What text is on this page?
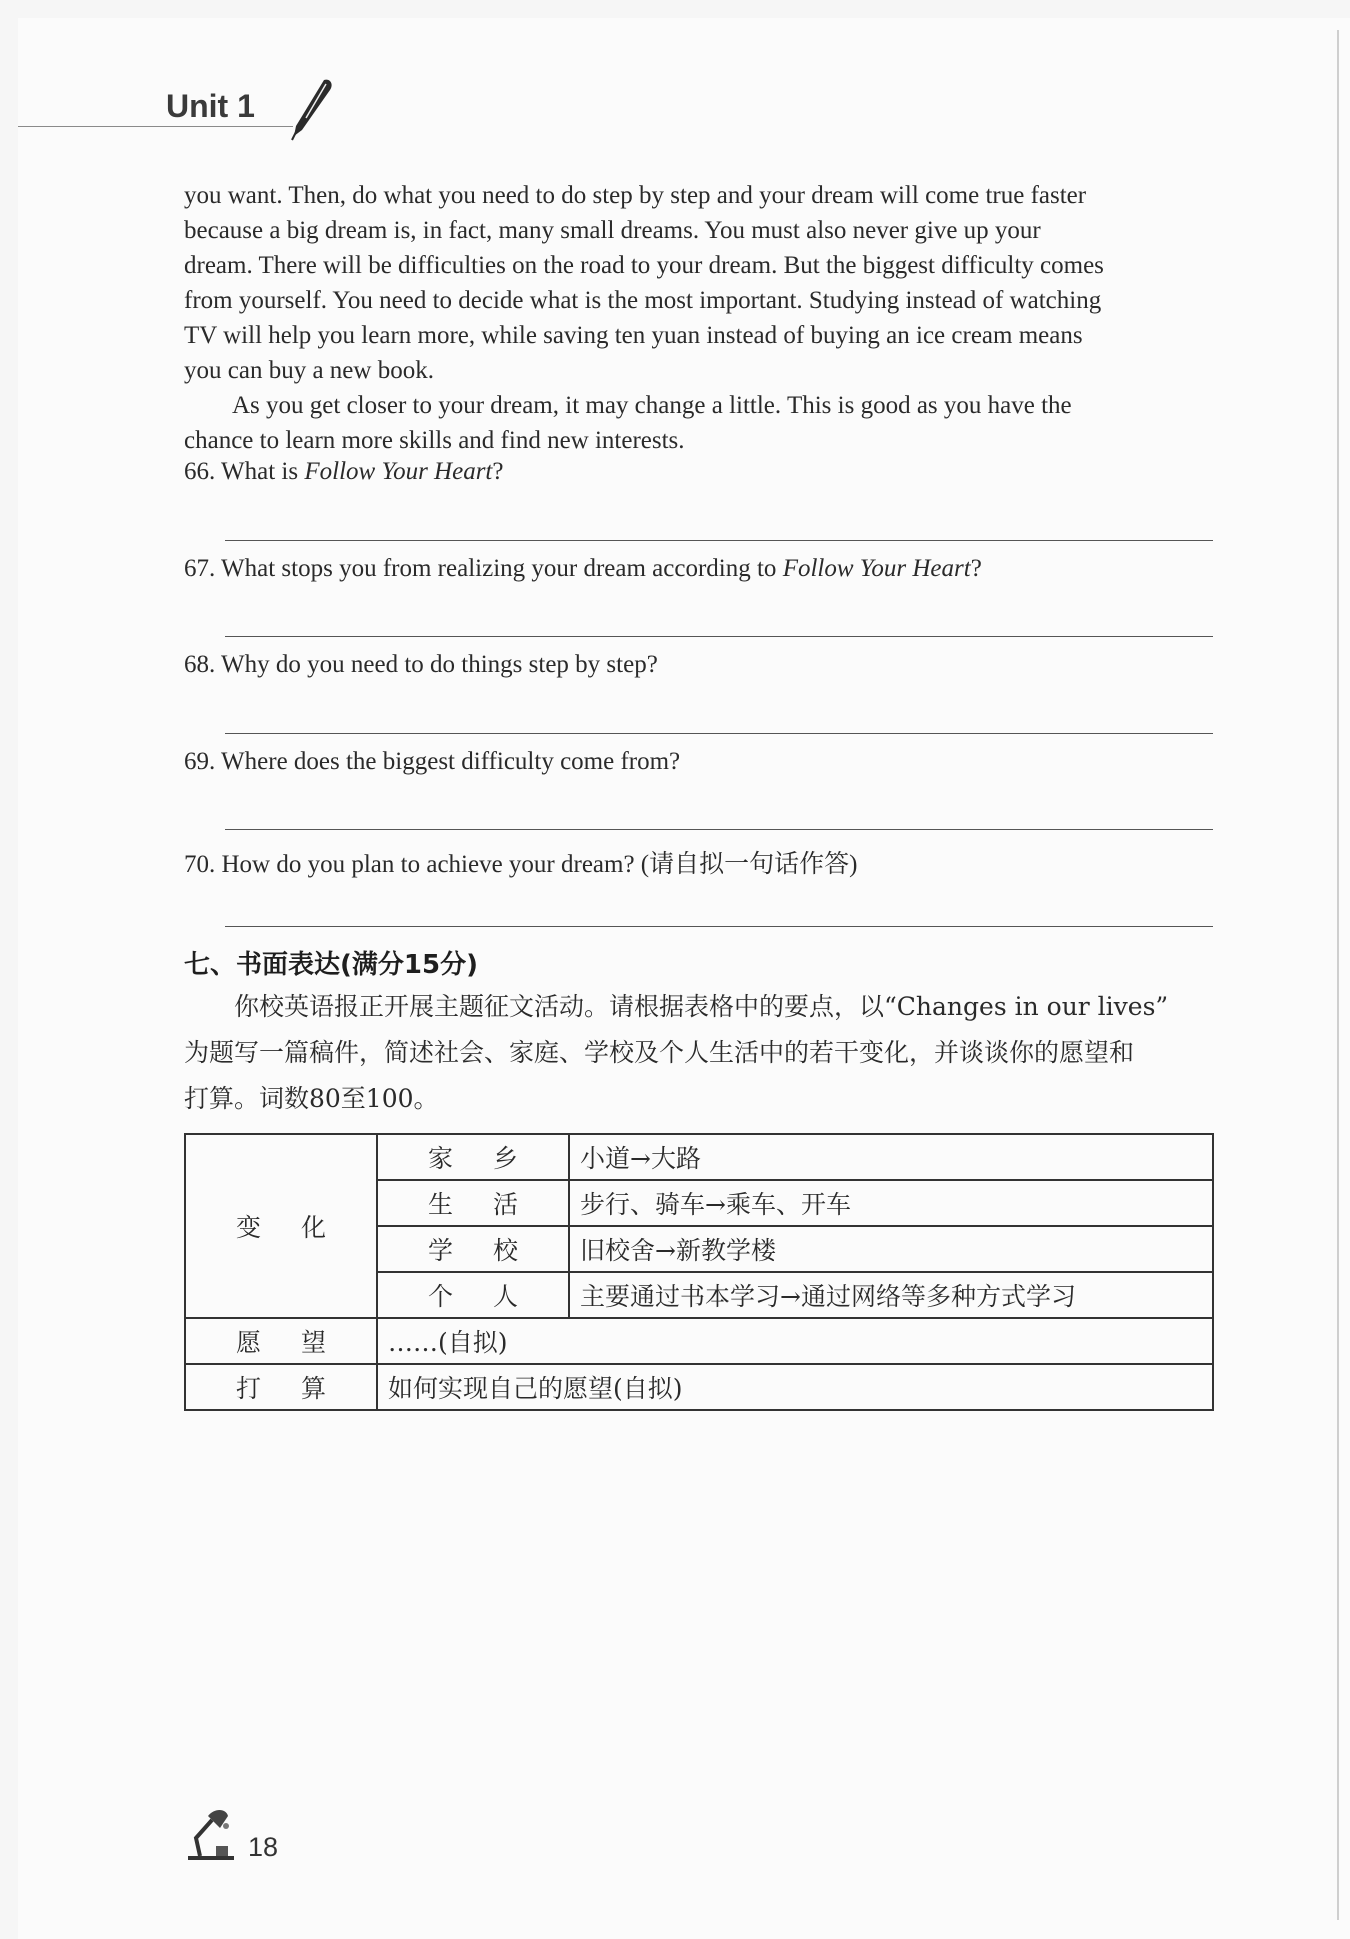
Unit 1

you want. Then, do what you need to do step by step and your dream will come true faster

because a big dream is, in fact, many small dreams. You must also never give up your

dream. There will be difficulties on the road to your dream. But the biggest difficulty comes

from yourself. You need to decide what is the most important. Studying instead of watching

TV will help you learn more, while saving ten yuan instead of buying an ice cream means

you can buy a new book.

As you get closer to your dream, it may change a little. This is good as you have the

chance to learn more skills and find new interests.

66. What is Follow Your Heart?
67. What stops you from realizing your dream according to Follow Your Heart?
68. Why do you need to do things step by step?
69. Where does the biggest difficulty come from?
70. How do you plan to achieve your dream? (请自拟一句话作答)
七、书面表达(满分15分)
你校英语报正开展主题征文活动。请根据表格中的要点，以“Changes in our lives”
为题写一篇稿件，简述社会、家庭、学校及个人生活中的若干变化，并谈谈你的愿望和
打算。词数80至100。
变化	家乡	小道→大路
	生活	步行、骑车→乘车、开车
	学校	旧校舍→新教学楼
	个人	主要通过书本学习→通过网络等多种方式学习
愿望	……(自拟)	
打算	如何实现自己的愿望(自拟)	
18
